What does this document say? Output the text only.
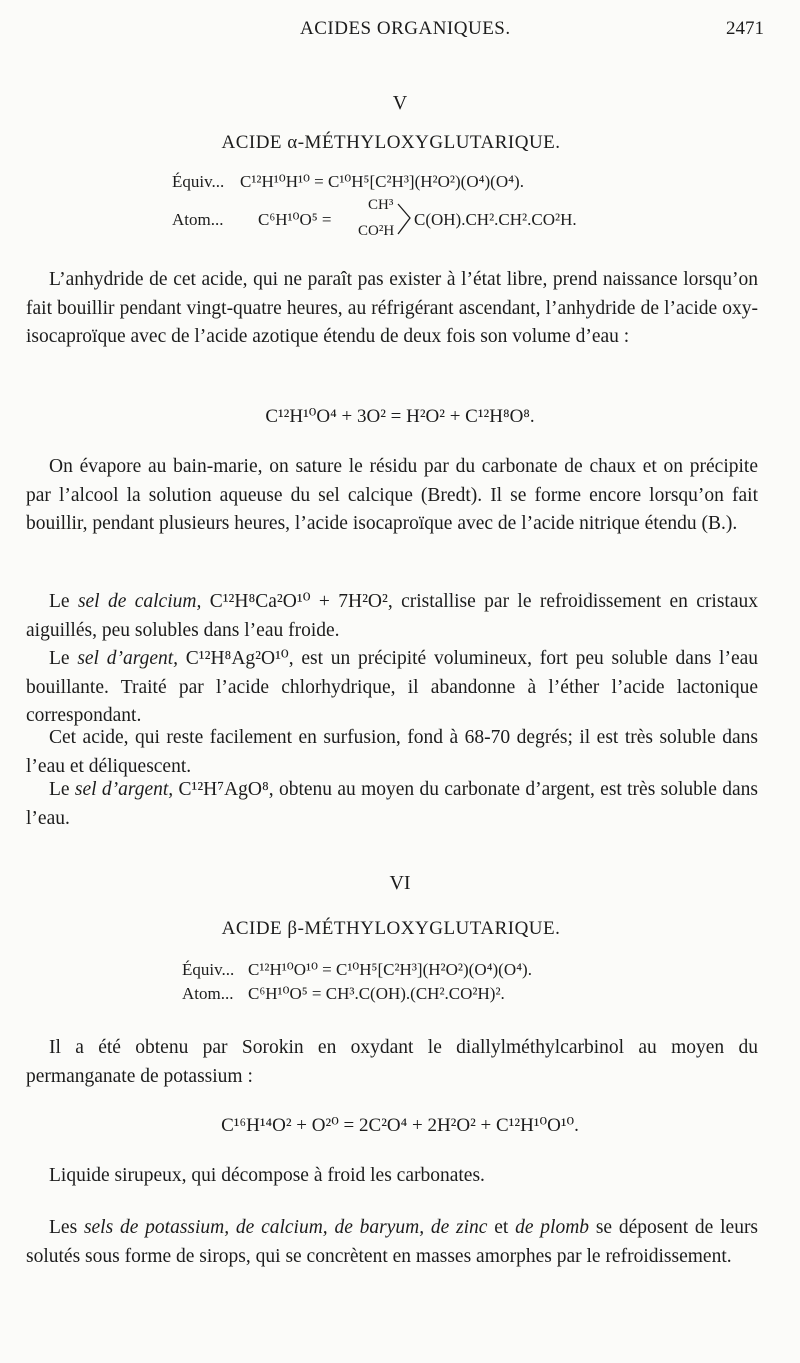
ACIDES ORGANIQUES.	2471
V
ACIDE α-MÉTHYLOXYGLUTARIQUE.
Équiv... C¹²H¹⁰H¹⁰ = C¹⁰H⁵[C²H³](H²O²)(O⁴)(O⁴).
Atom... C⁶H¹⁰O⁵ =
CH³
CO²H
C(OH).CH².CH².CO²H.
L’anhydride de cet acide, qui ne paraît pas exister à l’état libre, prend naissance lorsqu’on fait bouillir pendant vingt-quatre heures, au réfrigérant ascendant, l’anhydride de l’acide oxy-isocaproïque avec de l’acide azotique étendu de deux fois son volume d’eau :
C¹²H¹⁰O⁴ + 3O² = H²O² + C¹²H⁸O⁸.
On évapore au bain-marie, on sature le résidu par du carbonate de chaux et on précipite par l’alcool la solution aqueuse du sel calcique (Bredt). Il se forme encore lorsqu’on fait bouillir, pendant plusieurs heures, l’acide isocaproïque avec de l’acide nitrique étendu (B.).
Le sel de calcium, C¹²H⁸Ca²O¹⁰ + 7H²O², cristallise par le refroidissement en cristaux aiguillés, peu solubles dans l’eau froide.
Le sel d’argent, C¹²H⁸Ag²O¹⁰, est un précipité volumineux, fort peu soluble dans l’eau bouillante. Traité par l’acide chlorhydrique, il abandonne à l’éther l’acide lactonique correspondant.
Cet acide, qui reste facilement en surfusion, fond à 68-70 degrés; il est très soluble dans l’eau et déliquescent.
Le sel d’argent, C¹²H⁷AgO⁸, obtenu au moyen du carbonate d’argent, est très soluble dans l’eau.
VI
ACIDE β-MÉTHYLOXYGLUTARIQUE.
Équiv... C¹²H¹⁰O¹⁰ = C¹⁰H⁵[C²H³](H²O²)(O⁴)(O⁴).
Atom... C⁶H¹⁰O⁵ = CH³.C(OH).(CH².CO²H)².
Il a été obtenu par Sorokin en oxydant le diallylméthylcarbinol au moyen du permanganate de potassium :
C¹⁶H¹⁴O² + O²⁰ = 2C²O⁴ + 2H²O² + C¹²H¹⁰O¹⁰.
Liquide sirupeux, qui décompose à froid les carbonates.
Les sels de potassium, de calcium, de baryum, de zinc et de plomb se déposent de leurs solutés sous forme de sirops, qui se concrètent en masses amorphes par le refroidissement.
